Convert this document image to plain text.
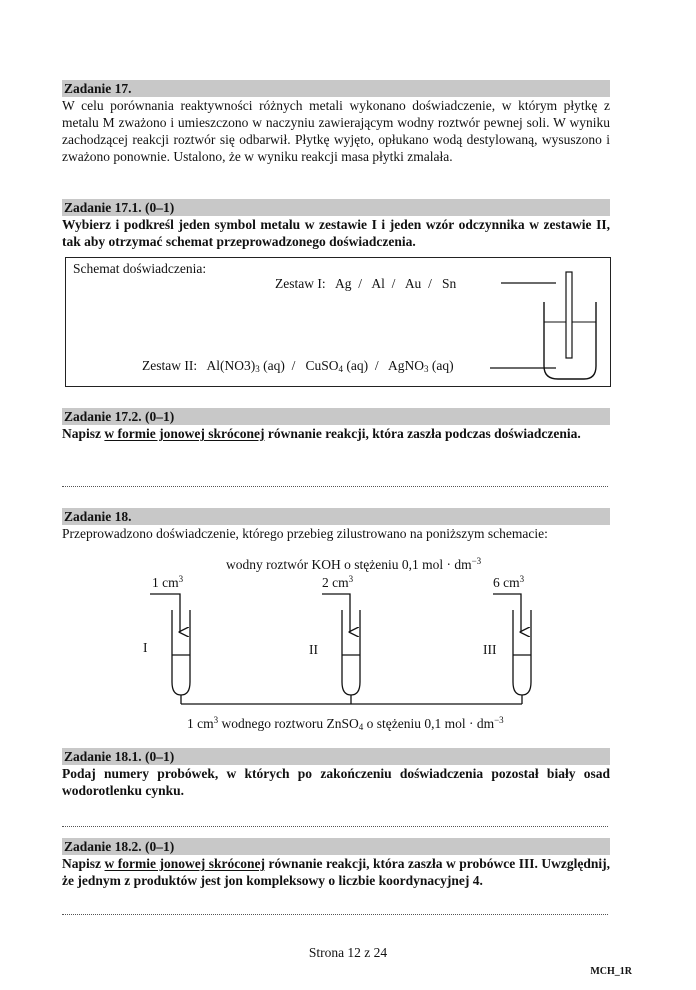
Zadanie 17.

W celu porównania reaktywności różnych metali wykonano doświadczenie, w którym płytkę z metalu M zważono i umieszczono w naczyniu zawierającym wodny roztwór pewnej soli. W wyniku zachodzącej reakcji roztwór się odbarwił. Płytkę wyjęto, opłukano wodą destylowaną, wysuszono i zważono ponownie. Ustalono, że w wyniku reakcji masa płytki zmalała.

Zadanie 17.1. (0–1)

Wybierz i podkreśl jeden symbol metalu w zestawie I i jeden wzór odczynnika w zestawie II, tak aby otrzymać schemat przeprowadzonego doświadczenia.

Schemat doświadczenia:
Zestaw I: Ag / Al / Au / Sn
Zestaw II: $Al(NO3)_3$ (aq) / CuSO$_4$ (aq) / AgNO$_3$ (aq)
Zadanie 17.2. (0–1)

Napisz w formie jonowej skróconej równanie reakcji, która zaszła podczas doświadczenia.

Zadanie 18.

Przeprowadzono doświadczenie, którego przebieg zilustrowano na poniższym schemacie:

wodny roztwór KOH o stężeniu 0,1 mol · $dm^{-3}$
1 $cm^3$	2 $cm^3$	6 $cm^3$
I	II	III
1 $cm^3$ wodnego roztworu ZnSO$_4$ o stężeniu 0,1 mol · $dm^{-3}$
Zadanie 18.1. (0–1)

Podaj numery probówek, w których po zakończeniu doświadczenia pozostał biały osad wodorotlenku cynku.

Zadanie 18.2. (0–1)

Napisz w formie jonowej skróconej równanie reakcji, która zaszła w probówce III. Uwzględnij, że jednym z produktów jest jon kompleksowy o liczbie koordynacyjnej 4.

Strona 12 z 24
MCH_1R
